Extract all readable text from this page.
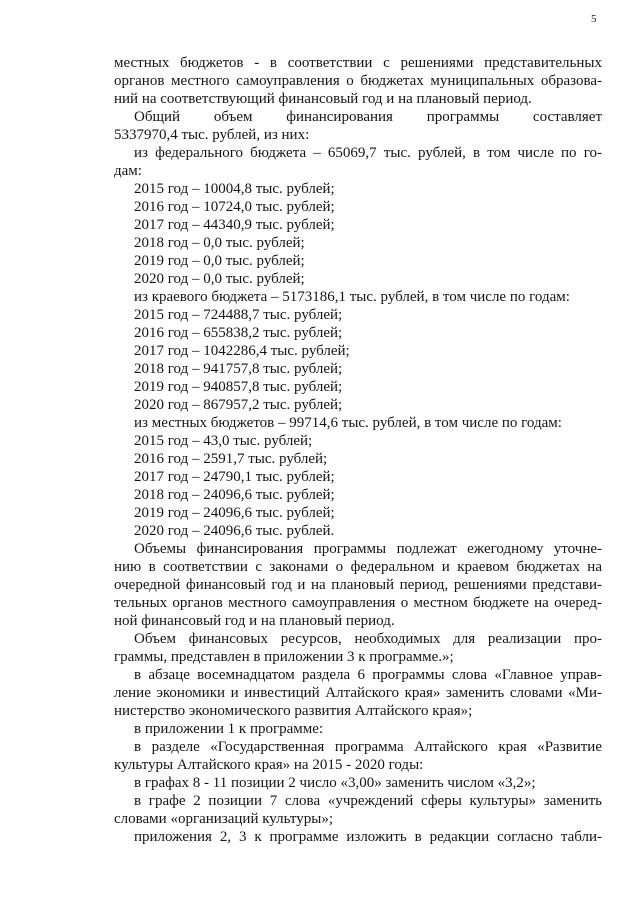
5

местных бюджетов - в соответствии с решениями представительных

органов местного самоуправления о бюджетах муниципальных образова-

ний на соответствующий финансовый год и на плановый период.

Общий объем финансирования программы составляет

5337970,4 тыс. рублей, из них:

из федерального бюджета – 65069,7 тыс. рублей, в том числе по го-

дам:

2015 год – 10004,8 тыс. рублей;

2016 год – 10724,0 тыс. рублей;

2017 год – 44340,9 тыс. рублей;

2018 год – 0,0 тыс. рублей;

2019 год – 0,0 тыс. рублей;

2020 год – 0,0 тыс. рублей;

из краевого бюджета – 5173186,1 тыс. рублей, в том числе по годам:

2015 год – 724488,7 тыс. рублей;

2016 год – 655838,2 тыс. рублей;

2017 год – 1042286,4 тыс. рублей;

2018 год – 941757,8 тыс. рублей;

2019 год – 940857,8 тыс. рублей;

2020 год – 867957,2 тыс. рублей;

из местных бюджетов – 99714,6 тыс. рублей, в том числе по годам:

2015 год – 43,0 тыс. рублей;

2016 год – 2591,7 тыс. рублей;

2017 год – 24790,1 тыс. рублей;

2018 год – 24096,6 тыс. рублей;

2019 год – 24096,6 тыс. рублей;

2020 год – 24096,6 тыс. рублей.

Объемы финансирования программы подлежат ежегодному уточне-

нию в соответствии с законами о федеральном и краевом бюджетах на

очередной финансовый год и на плановый период, решениями представи-

тельных органов местного самоуправления о местном бюджете на очеред-

ной финансовый год и на плановый период.

Объем финансовых ресурсов, необходимых для реализации про-

граммы, представлен в приложении 3 к программе.»;

в абзаце восемнадцатом раздела 6 программы слова «Главное управ-

ление экономики и инвестиций Алтайского края» заменить словами «Ми-

нистерство экономического развития Алтайского края»;

в приложении 1 к программе:

в разделе «Государственная программа Алтайского края «Развитие

культуры Алтайского края» на 2015 - 2020 годы:

в графах 8 - 11 позиции 2 число «3,00» заменить числом «3,2»;

в графе 2 позиции 7 слова «учреждений сферы культуры» заменить

словами «организаций культуры»;

приложения 2, 3 к программе изложить в редакции согласно табли-
